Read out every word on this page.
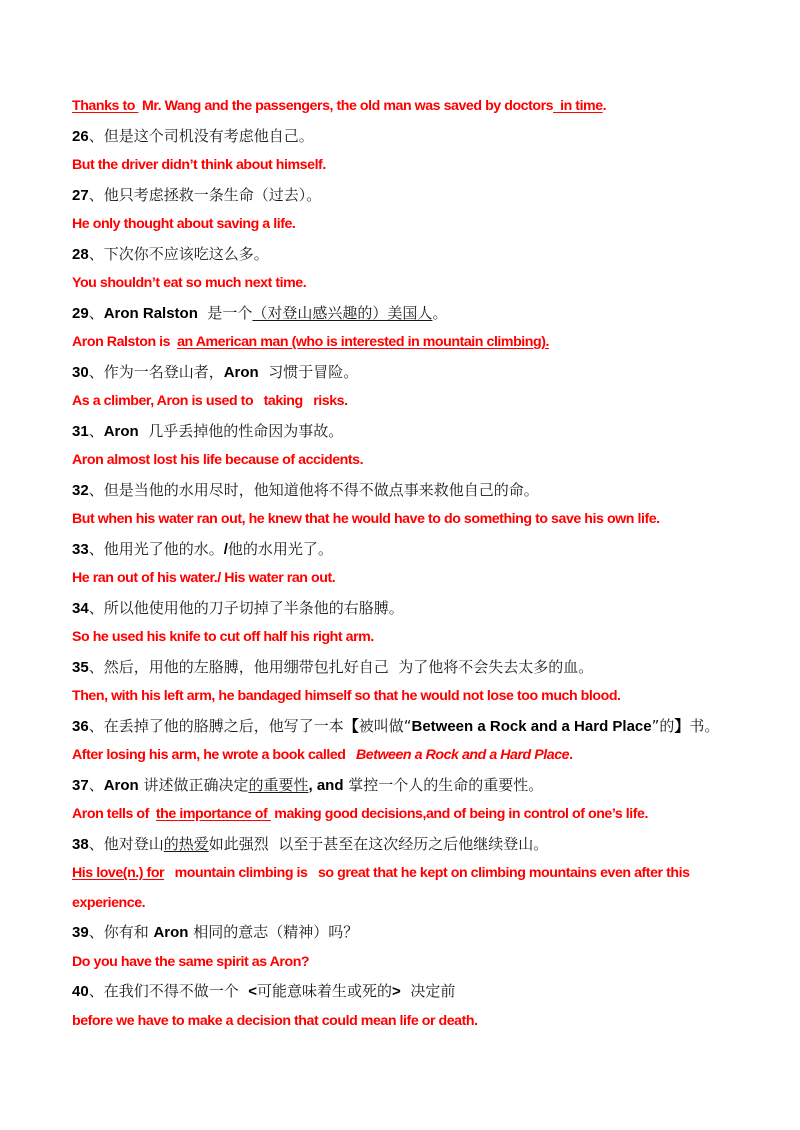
Thanks to  Mr. Wang and the passengers, the old man was saved by doctors  in time.
26、但是这个司机没有考虑他自己。
But the driver didn’t think about himself.
27、他只考虑拯救一条生命（过去）。
He only thought about saving a life.
28、下次你不应该吃这么多。
You shouldn’t eat so much next time.
29、Aron Ralston  是一个（对登山感兴趣的）美国人。
Aron Ralston is  an American man (who is interested in mountain climbing).
30、作为一名登山者，Aron  习惯于冒险。
As a climber, Aron is used to   taking   risks.
31、Aron  几乎丢掉他的性命因为事故。
Aron almost lost his life because of accidents.
32、但是当他的水用尽时，他知道他将不得不做点事来救他自己的命。
But when his water ran out, he knew that he would have to do something to save his own life.
33、他用光了他的水。/他的水用光了。
He ran out of his water./ His water ran out.
34、所以他使用他的刀子切掉了半条他的右胳膊。
So he used his knife to cut off half his right arm.
35、然后，用他的左胳膊，他用绷带包扎好自己  为了他将不会失去太多的血。
Then, with his left arm, he bandaged himself so that he would not lose too much blood.
36、在丢掉了他的胳膊之后，他写了一本【被叫做“Between a Rock and a Hard Place”的】书。
After losing his arm, he wrote a book called   Between a Rock and a Hard Place.
37、Aron 讲述做正确决定的重要性, and 掌控一个人的生命的重要性。
Aron tells of  the importance of  making good decisions,and of being in control of one’s life.
38、他对登山的热爱如此强烈  以至于甚至在这次经历之后他继续登山。
His love(n.) for   mountain climbing is   so great that he kept on climbing mountains even after this
experience.
39、你有和 Aron 相同的意志（精神）吗？
Do you have the same spirit as Aron?
40、在我们不得不做一个  <可能意味着生或死的>  决定前
before we have to make a decision that could mean life or death.
